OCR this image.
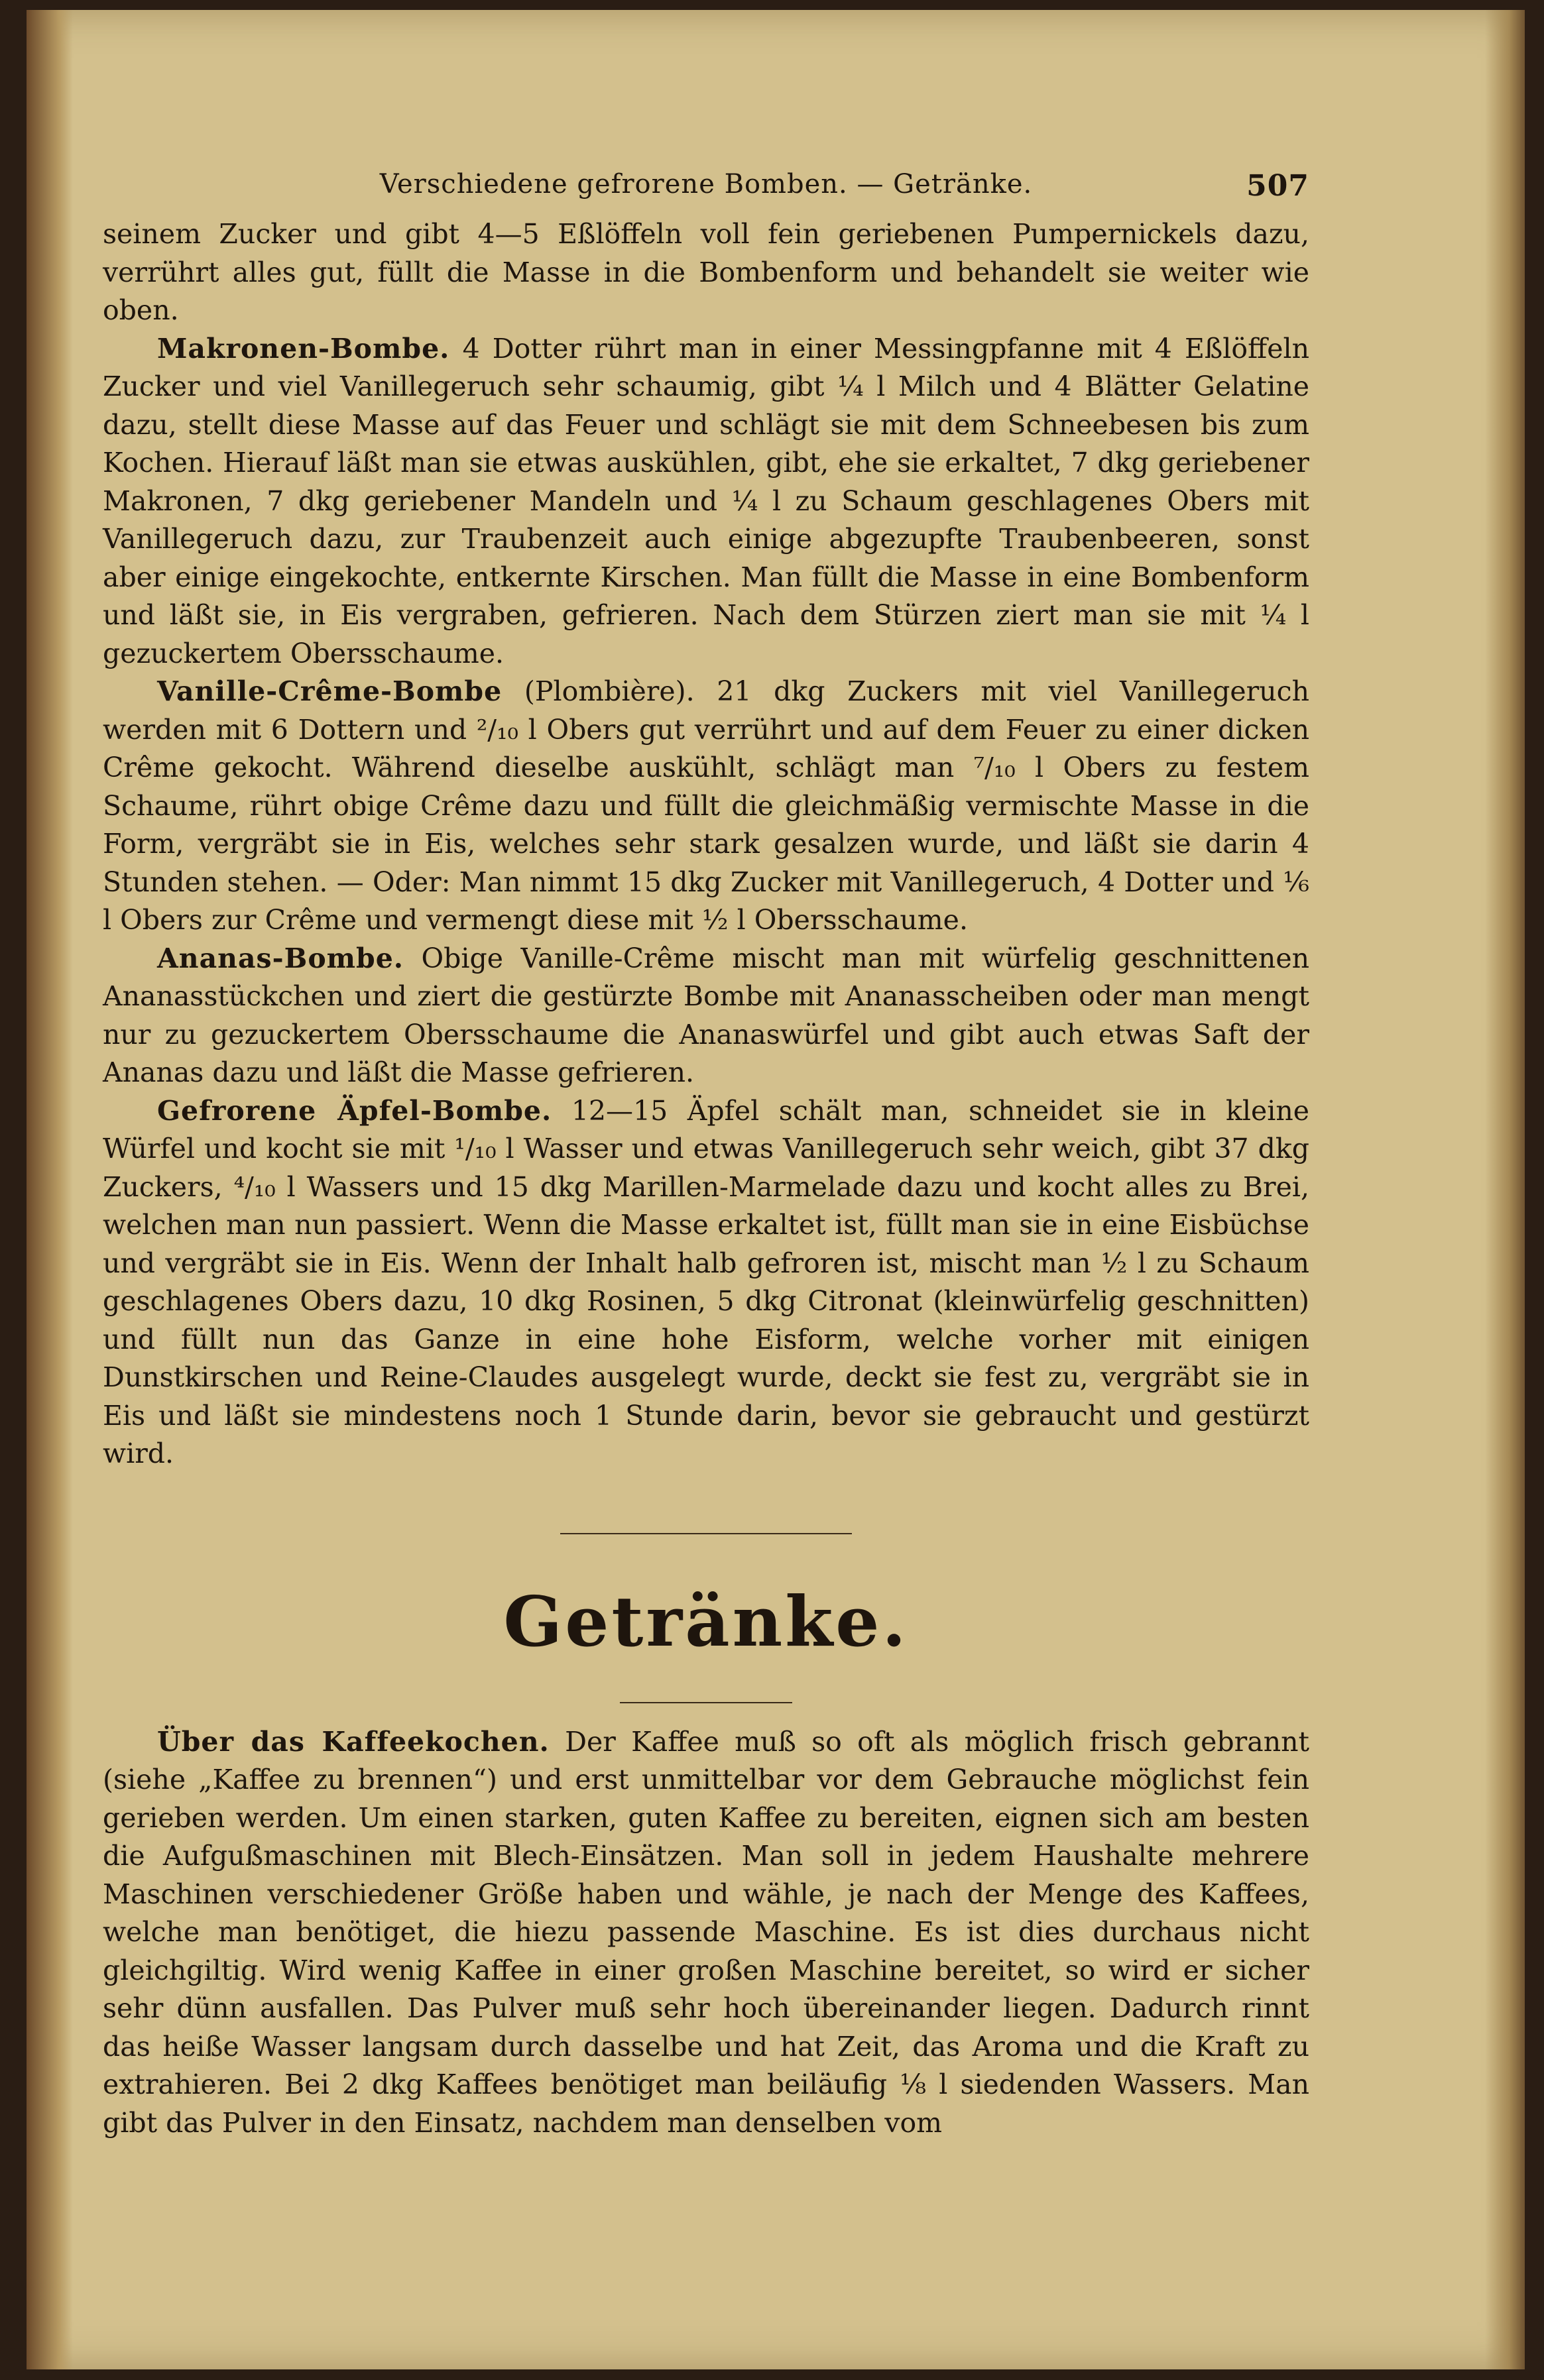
Verschiedene gefrorene Bomben. — Getränke.	507

seinem Zucker und gibt 4—5 Eßlöffeln voll fein geriebenen Pumpernickels dazu, verrührt alles gut, füllt die Masse in die Bombenform und behandelt sie weiter wie oben.

Makronen-Bombe. 4 Dotter rührt man in einer Messingpfanne mit 4 Eßlöffeln Zucker und viel Vanillegeruch sehr schaumig, gibt ¼ l Milch und 4 Blätter Gelatine dazu, stellt diese Masse auf das Feuer und schlägt sie mit dem Schneebesen bis zum Kochen. Hierauf läßt man sie etwas auskühlen, gibt, ehe sie erkaltet, 7 dkg geriebener Makronen, 7 dkg geriebener Mandeln und ¼ l zu Schaum geschlagenes Obers mit Vanillegeruch dazu, zur Traubenzeit auch einige abgezupfte Traubenbeeren, sonst aber einige eingekochte, entkernte Kirschen. Man füllt die Masse in eine Bombenform und läßt sie, in Eis vergraben, gefrieren. Nach dem Stürzen ziert man sie mit ¼ l gezuckertem Obersschaume.

Vanille-Crême-Bombe (Plombière). 21 dkg Zuckers mit viel Vanillegeruch werden mit 6 Dottern und ²/₁₀ l Obers gut verrührt und auf dem Feuer zu einer dicken Crême gekocht. Während dieselbe auskühlt, schlägt man ⁷/₁₀ l Obers zu festem Schaume, rührt obige Crême dazu und füllt die gleichmäßig vermischte Masse in die Form, vergräbt sie in Eis, welches sehr stark gesalzen wurde, und läßt sie darin 4 Stunden stehen. — Oder: Man nimmt 15 dkg Zucker mit Vanillegeruch, 4 Dotter und ⅙ l Obers zur Crême und vermengt diese mit ½ l Obersschaume.

Ananas-Bombe. Obige Vanille-Crême mischt man mit würfelig geschnittenen Ananasstückchen und ziert die gestürzte Bombe mit Ananasscheiben oder man mengt nur zu gezuckertem Obersschaume die Ananaswürfel und gibt auch etwas Saft der Ananas dazu und läßt die Masse gefrieren.

Gefrorene Äpfel-Bombe. 12—15 Äpfel schält man, schneidet sie in kleine Würfel und kocht sie mit ¹/₁₀ l Wasser und etwas Vanillegeruch sehr weich, gibt 37 dkg Zuckers, ⁴/₁₀ l Wassers und 15 dkg Marillen-Marmelade dazu und kocht alles zu Brei, welchen man nun passiert. Wenn die Masse erkaltet ist, füllt man sie in eine Eisbüchse und vergräbt sie in Eis. Wenn der Inhalt halb gefroren ist, mischt man ½ l zu Schaum geschlagenes Obers dazu, 10 dkg Rosinen, 5 dkg Citronat (kleinwürfelig geschnitten) und füllt nun das Ganze in eine hohe Eisform, welche vorher mit einigen Dunstkirschen und Reine-Claudes ausgelegt wurde, deckt sie fest zu, vergräbt sie in Eis und läßt sie mindestens noch 1 Stunde darin, bevor sie gebraucht und gestürzt wird.

Getränke.

Über das Kaffeekochen. Der Kaffee muß so oft als möglich frisch gebrannt (siehe „Kaffee zu brennen“) und erst unmittelbar vor dem Gebrauche möglichst fein gerieben werden. Um einen starken, guten Kaffee zu bereiten, eignen sich am besten die Aufgußmaschinen mit Blech-Einsätzen. Man soll in jedem Haushalte mehrere Maschinen verschiedener Größe haben und wähle, je nach der Menge des Kaffees, welche man benötiget, die hiezu passende Maschine. Es ist dies durchaus nicht gleichgiltig. Wird wenig Kaffee in einer großen Maschine bereitet, so wird er sicher sehr dünn ausfallen. Das Pulver muß sehr hoch übereinander liegen. Dadurch rinnt das heiße Wasser langsam durch dasselbe und hat Zeit, das Aroma und die Kraft zu extrahieren. Bei 2 dkg Kaffees benötiget man beiläufig ⅛ l siedenden Wassers. Man gibt das Pulver in den Einsatz, nachdem man denselben vom
